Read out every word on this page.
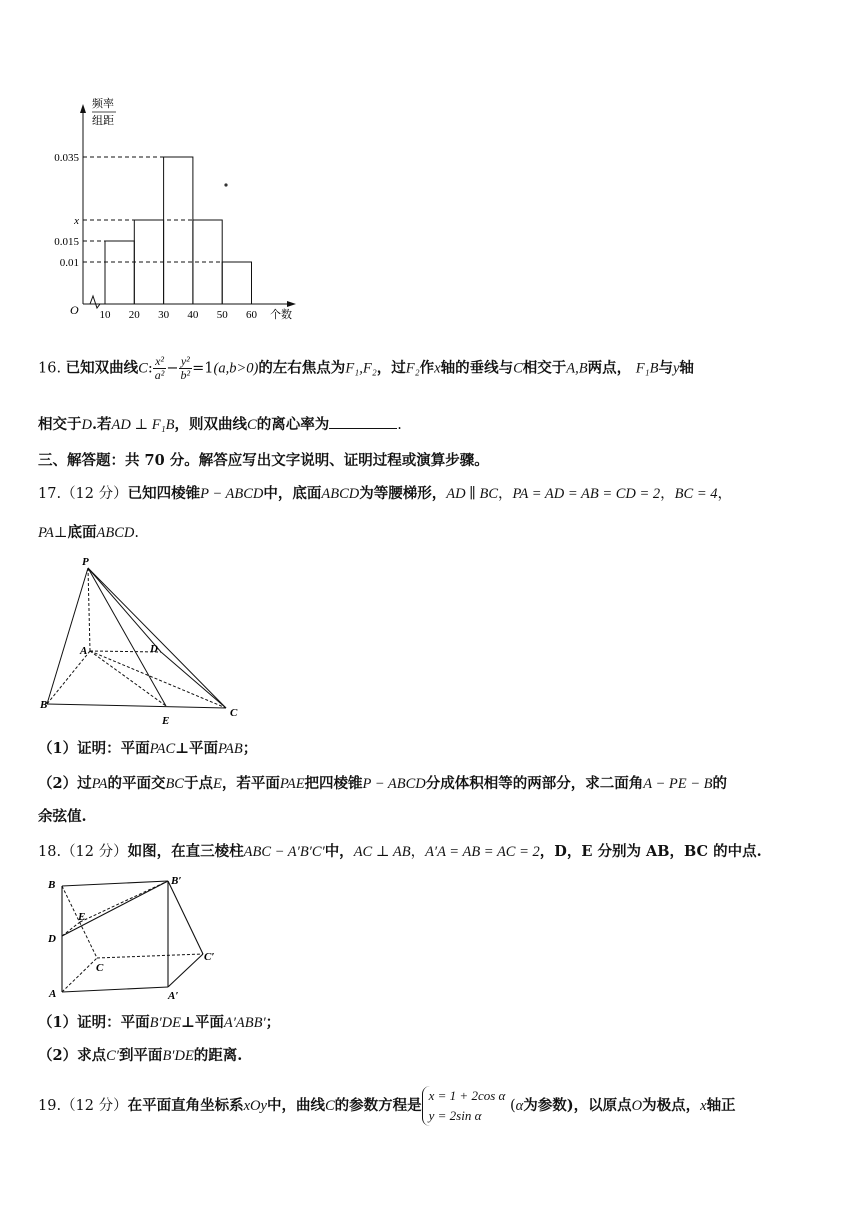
O
频率
组距
个数
0.035
x
0.015
0.01
10 20 30 40 50 60
16. 已知双曲线C: $\frac{\text{x²}}{\text{a²}} - \frac{\text{y²}}{\text{b²}} =1(a,b>0)$的左右焦点为F₁,F₂，过F₂作x轴的垂线与C相交于A,B两点， F₁B与y轴
相交于D.若AD ⊥ F₁B，则双曲线C的离心率为	.
三、解答题：共 70 分。解答应写出文字说明、证明过程或演算步骤。
17.（12 分）已知四棱锥P − ABCD中，底面ABCD为等腰梯形，AD ∥ BC，PA = AD = AB = CD = 2，BC = 4，
PA⊥底面ABCD.
P
A	D
B
E
C
（1）证明：平面PAC⊥平面PAB；
（2）过PA的平面交BC于点E，若平面PAE把四棱锥P − ABCD分成体积相等的两部分，求二面角A − PE − B的
余弦值.
18.（12 分）如图，在直三棱柱ABC − A′B′C′中，AC ⊥ AB，A′A = AB = AC = 2，D，E 分别为 AB，BC 的中点.
B	B′
E
D
C
C′
A	A′
（1）证明：平面B′DE⊥平面A′ABB′；
（2）求点C′到平面B′DE的距离.
19.（12 分）在平面直角坐标系xOy中，曲线C的参数方程是
x = 1 + 2cos α
y = 2sin α
(α为参数)，以原点O为极点，x轴正
